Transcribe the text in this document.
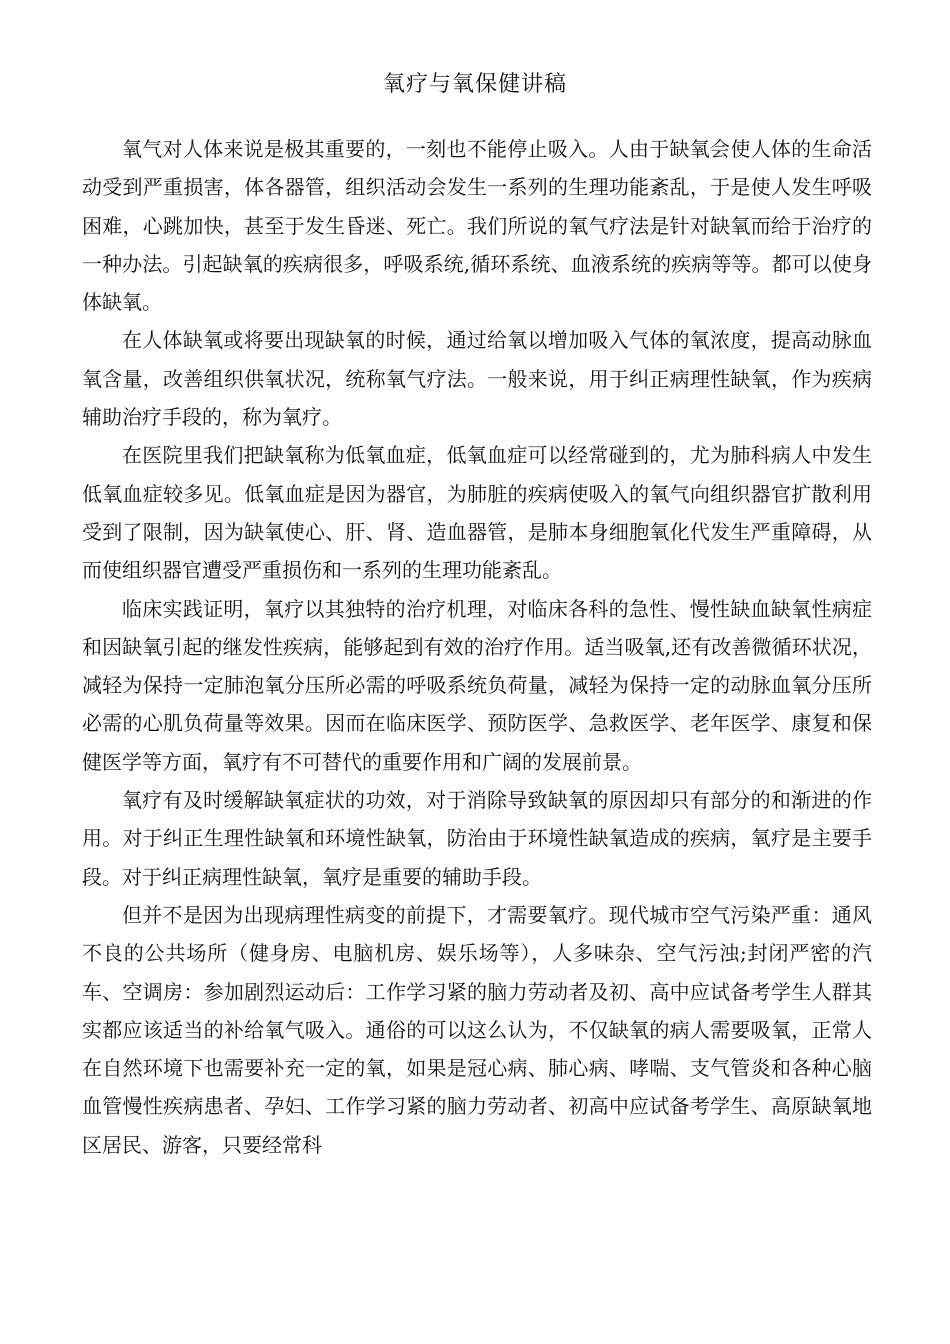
氧疗与氧保健讲稿

氧气对人体来说是极其重要的，一刻也不能停止吸入。人由于缺氧会使人体的生命活动受到严重损害，体各器管，组织活动会发生一系列的生理功能紊乱，于是使人发生呼吸困难，心跳加快，甚至于发生昏迷、死亡。我们所说的氧气疗法是针对缺氧而给于治疗的一种办法。引起缺氧的疾病很多，呼吸系统,循环系统、血液系统的疾病等等。都可以使身体缺氧。

在人体缺氧或将要出现缺氧的时候，通过给氧以增加吸入气体的氧浓度，提高动脉血氧含量，改善组织供氧状况，统称氧气疗法。一般来说，用于纠正病理性缺氧，作为疾病辅助治疗手段的，称为氧疗。

在医院里我们把缺氧称为低氧血症，低氧血症可以经常碰到的，尤为肺科病人中发生低氧血症较多见。低氧血症是因为器官，为肺脏的疾病使吸入的氧气向组织器官扩散利用受到了限制，因为缺氧使心、肝、肾、造血器管，是肺本身细胞氧化代发生严重障碍，从而使组织器官遭受严重损伤和一系列的生理功能紊乱。

临床实践证明，氧疗以其独特的治疗机理，对临床各科的急性、慢性缺血缺氧性病症和因缺氧引起的继发性疾病，能够起到有效的治疗作用。适当吸氧,还有改善微循环状况，减轻为保持一定肺泡氧分压所必需的呼吸系统负荷量，减轻为保持一定的动脉血氧分压所必需的心肌负荷量等效果。因而在临床医学、预防医学、急救医学、老年医学、康复和保健医学等方面，氧疗有不可替代的重要作用和广阔的发展前景。

氧疗有及时缓解缺氧症状的功效，对于消除导致缺氧的原因却只有部分的和渐进的作用。对于纠正生理性缺氧和环境性缺氧，防治由于环境性缺氧造成的疾病，氧疗是主要手段。对于纠正病理性缺氧，氧疗是重要的辅助手段。

但并不是因为出现病理性病变的前提下，才需要氧疗。现代城市空气污染严重：通风不良的公共场所（健身房、电脑机房、娱乐场等），人多味杂、空气污浊;封闭严密的汽车、空调房：参加剧烈运动后：工作学习紧的脑力劳动者及初、高中应试备考学生人群其实都应该适当的补给氧气吸入。通俗的可以这么认为，不仅缺氧的病人需要吸氧，正常人在自然环境下也需要补充一定的氧，如果是冠心病、肺心病、哮喘、支气管炎和各种心脑血管慢性疾病患者、孕妇、工作学习紧的脑力劳动者、初高中应试备考学生、高原缺氧地区居民、游客，只要经常科
